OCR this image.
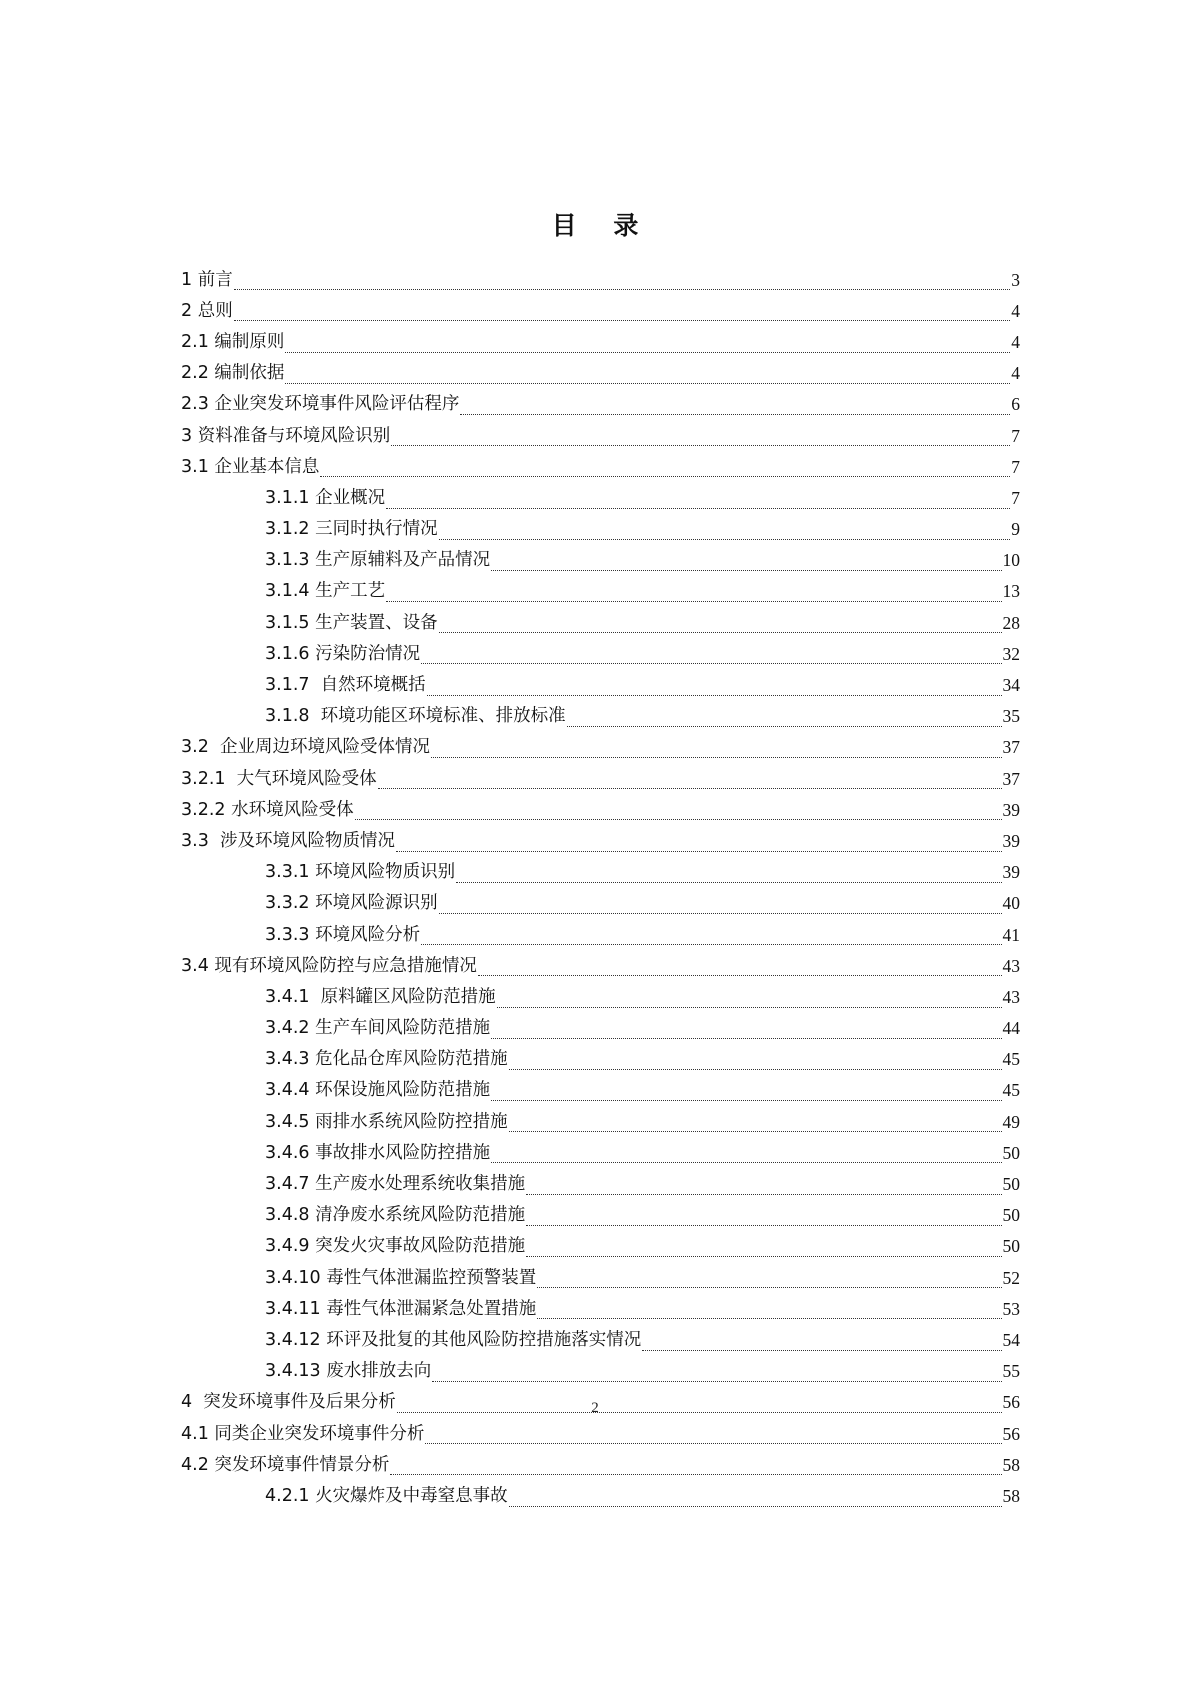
目 录
1 前言	3
2 总则	4
2.1 编制原则	4
2.2 编制依据	4
2.3 企业突发环境事件风险评估程序	6
3 资料准备与环境风险识别	7
3.1 企业基本信息	7
3.1.1 企业概况	7
3.1.2 三同时执行情况	9
3.1.3 生产原辅料及产品情况	10
3.1.4 生产工艺	13
3.1.5 生产装置、设备	28
3.1.6 污染防治情况	32
3.1.7  自然环境概括	34
3.1.8  环境功能区环境标准、排放标准	35
3.2  企业周边环境风险受体情况	37
3.2.1  大气环境风险受体	37
3.2.2 水环境风险受体	39
3.3  涉及环境风险物质情况	39
3.3.1 环境风险物质识别	39
3.3.2 环境风险源识别	40
3.3.3 环境风险分析	41
3.4 现有环境风险防控与应急措施情况	43
3.4.1  原料罐区风险防范措施	43
3.4.2 生产车间风险防范措施	44
3.4.3 危化品仓库风险防范措施	45
3.4.4 环保设施风险防范措施	45
3.4.5 雨排水系统风险防控措施	49
3.4.6 事故排水风险防控措施	50
3.4.7 生产废水处理系统收集措施	50
3.4.8 清净废水系统风险防范措施	50
3.4.9 突发火灾事故风险防范措施	50
3.4.10 毒性气体泄漏监控预警装置	52
3.4.11 毒性气体泄漏紧急处置措施	53
3.4.12 环评及批复的其他风险防控措施落实情况	54
3.4.13 废水排放去向	55
4  突发环境事件及后果分析	56
4.1 同类企业突发环境事件分析	56
4.2 突发环境事件情景分析	58
4.2.1 火灾爆炸及中毒窒息事故	58
2
